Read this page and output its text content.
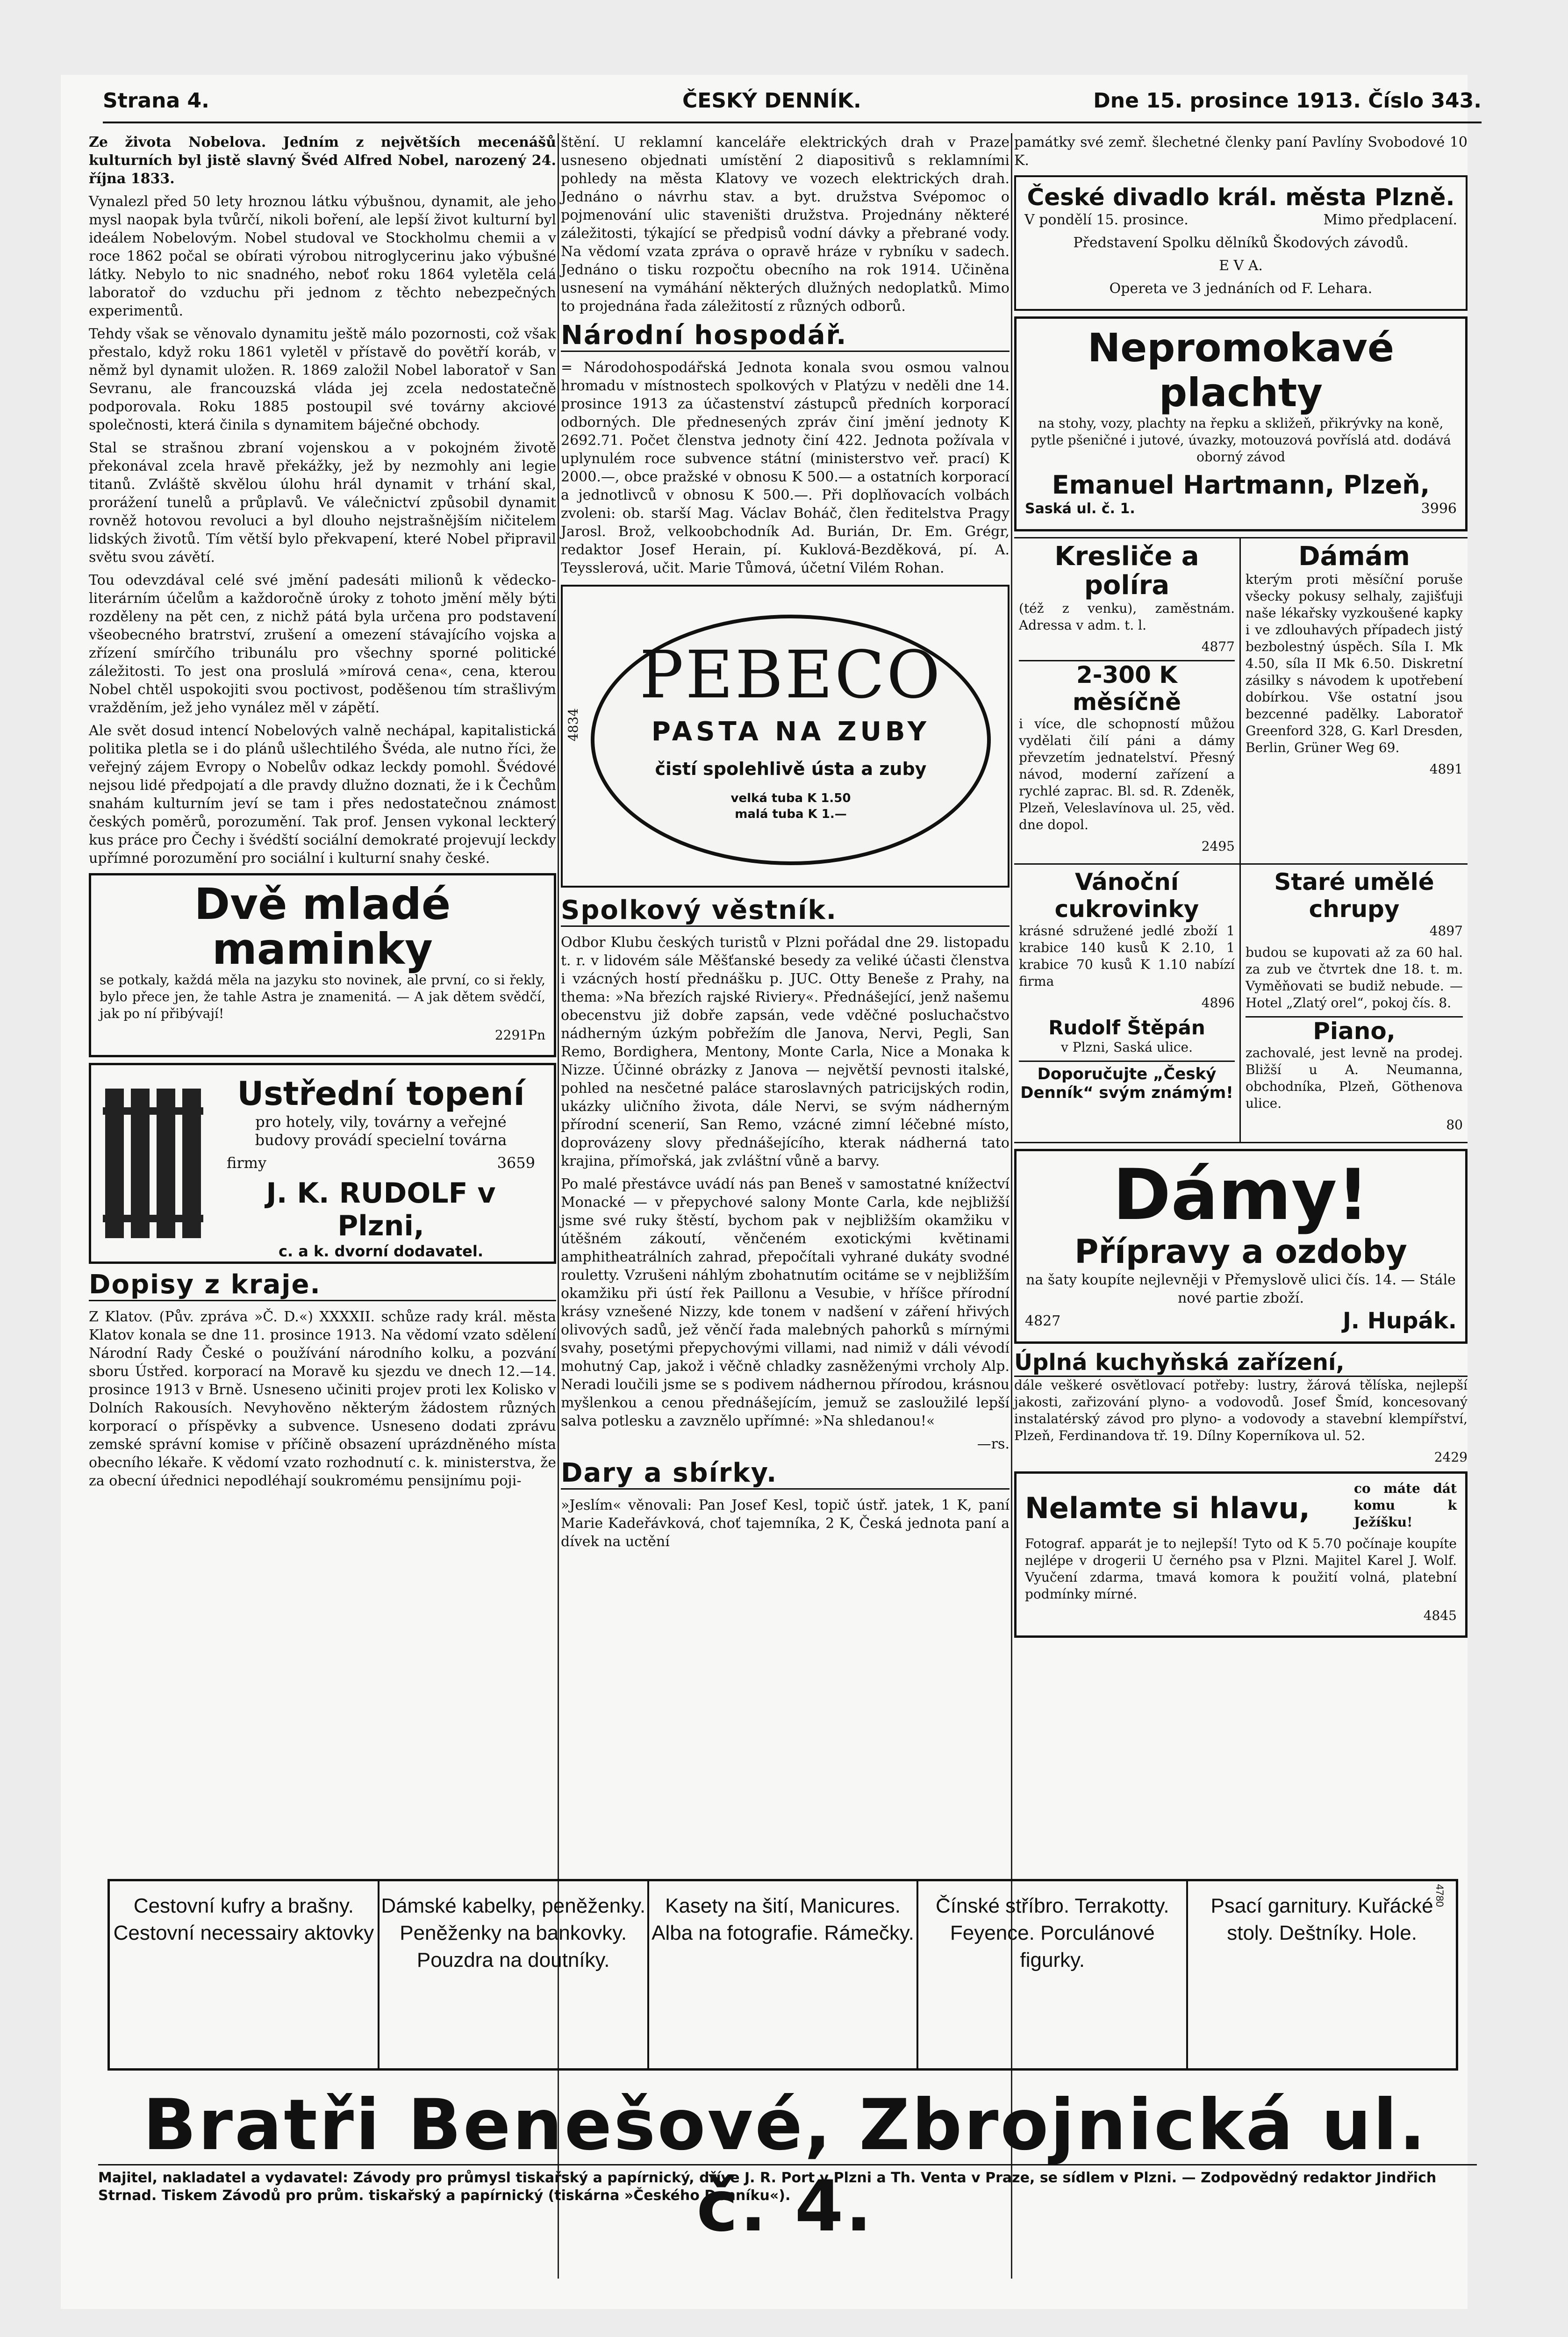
Strana 4.	ČESKÝ DENNÍK.	Dne 15. prosince 1913. Číslo 343.

Ze života Nobelova. Jedním z největších mecenášů kulturních byl jistě slavný Švéd Alfred Nobel, narozený 24. října 1833.

Vynalezl před 50 lety hroznou látku výbušnou, dynamit, ale jeho mysl naopak byla tvůrčí, nikoli boření, ale lepší život kulturní byl ideálem Nobelovým. Nobel studoval ve Stockholmu chemii a v roce 1862 počal se obírati výrobou nitroglycerinu jako výbušné látky. Nebylo to nic snadného, neboť roku 1864 vyletěla celá laboratoř do vzduchu při jednom z těchto nebezpečných experimentů.

Tehdy však se věnovalo dynamitu ještě málo pozornosti, což však přestalo, když roku 1861 vyletěl v přístavě do povětří koráb, v němž byl dynamit uložen. R. 1869 založil Nobel laboratoř v San Sevranu, ale francouzská vláda jej zcela nedostatečně podporovala. Roku 1885 postoupil své továrny akciové společnosti, která činila s dynamitem báječné obchody.

Stal se strašnou zbraní vojenskou a v pokojném životě překonával zcela hravě překážky, jež by nezmohly ani legie titanů. Zvláště skvělou úlohu hrál dynamit v trhání skal, prorážení tunelů a průplavů. Ve válečnictví způsobil dynamit rovněž hotovou revoluci a byl dlouho nejstrašnějším ničitelem lidských životů. Tím větší bylo překvapení, které Nobel připravil světu svou závětí.

Tou odevzdával celé své jmění padesáti milionů k vědecko-literárním účelům a každoročně úroky z tohoto jmění měly býti rozděleny na pět cen, z nichž pátá byla určena pro podstavení všeobecného bratrství, zrušení a omezení stávajícího vojska a zřízení smírčího tribunálu pro všechny sporné politické záležitosti. To jest ona proslulá »mírová cena«, cena, kterou Nobel chtěl uspokojiti svou poctivost, poděšenou tím strašlivým vražděním, jež jeho vynález měl v zápětí.

Ale svět dosud intencí Nobelových valně nechápal, kapitalistická politika pletla se i do plánů ušlechtilého Švéda, ale nutno říci, že veřejný zájem Evropy o Nobelův odkaz leckdy pomohl. Švédové nejsou lidé předpojatí a dle pravdy dlužno doznati, že i k Čechům snahám kulturním jeví se tam i přes nedostatečnou známost českých poměrů, porozumění. Tak prof. Jensen vykonal leckterý kus práce pro Čechy i švédští sociální demokraté projevují leckdy upřímné porozumění pro sociální i kulturní snahy české.

Dvě mladé maminky

se potkaly, každá měla na jazyku sto novinek, ale první, co si řekly, bylo přece jen, že tahle Astra je znamenitá. — A jak dětem svědčí, jak po ní přibývají!

2291Pn
Ustřední topení
pro hotely, vily, továrny a veřejné budovy provádí specielní továrna
firmy	3659
J. K. RUDOLF v Plzni,
c. a k. dvorní dodavatel.
Dopisy z kraje.

Z Klatov. (Pův. zpráva »Č. D.«) XXXXII. schůze rady král. města Klatov konala se dne 11. prosince 1913. Na vědomí vzato sdělení Národní Rady České o používání národního kolku, a pozvání sboru Ústřed. korporací na Moravě ku sjezdu ve dnech 12.—14. prosince 1913 v Brně. Usneseno učiniti projev proti lex Kolisko v Dolních Rakousích. Nevyhověno některým žádostem různých korporací o příspěvky a subvence. Usneseno dodati zprávu zemské správní komise v příčině obsazení uprázdněného místa obecního lékaře. K vědomí vzato rozhodnutí c. k. ministerstva, že za obecní úřednici nepodléhají soukromému pensijnímu poji-

štění. U reklamní kanceláře elektrických drah v Praze usneseno objednati umístění 2 diapositivů s reklamními pohledy na města Klatovy ve vozech elektrických drah. Jednáno o návrhu stav. a byt. družstva Svépomoc o pojmenování ulic staveništi družstva. Projednány některé záležitosti, týkající se předpisů vodní dávky a přebrané vody. Na vědomí vzata zpráva o opravě hráze v rybníku v sadech. Jednáno o tisku rozpočtu obecního na rok 1914. Učiněna usnesení na vymáhání některých dlužných nedoplatků. Mimo to projednána řada záležitostí z různých odborů.

Národní hospodář.

= Národohospodářská Jednota konala svou osmou valnou hromadu v místnostech spolkových v Platýzu v neděli dne 14. prosince 1913 za účastenství zástupců předních korporací odborných. Dle přednesených zpráv činí jmění jednoty K 2692.71. Počet členstva jednoty činí 422. Jednota požívala v uplynulém roce subvence státní (ministerstvo veř. prací) K 2000.—, obce pražské v obnosu K 500.— a ostatních korporací a jednotlivců v obnosu K 500.—. Při doplňovacích volbách zvoleni: ob. starší Mag. Václav Boháč, člen ředitelstva Pragy Jarosl. Brož, velkoobchodník Ad. Burián, Dr. Em. Grégr, redaktor Josef Herain, pí. Kuklová-Bezděková, pí. A. Teysslerová, učit. Marie Tůmová, účetní Vilém Rohan.

4834
PEBECO
PASTA NA ZUBY
čistí spolehlivě ústa a zuby
velká tuba K 1.50
malá tuba K 1.—
Spolkový věstník.

Odbor Klubu českých turistů v Plzni pořádal dne 29. listopadu t. r. v lidovém sále Měšťanské besedy za veliké účasti členstva i vzácných hostí přednášku p. JUC. Otty Beneše z Prahy, na thema: »Na březích rajské Riviery«. Přednášející, jenž našemu obecenstvu již dobře zapsán, vede vděčné posluchačstvo nádherným úzkým pobřežím dle Janova, Nervi, Pegli, San Remo, Bordighera, Mentony, Monte Carla, Nice a Monaka k Nizze. Účinné obrázky z Janova — největší pevnosti italské, pohled na nesčetné paláce staroslavných patricijských rodin, ukázky uličního života, dále Nervi, se svým nádherným přírodní scenerií, San Remo, vzácné zimní léčebné místo, doprovázeny slovy přednášejícího, kterak nádherná tato krajina, přímořská, jak zvláštní vůně a barvy.

Po malé přestávce uvádí nás pan Beneš v samostatné knížectví Monacké — v přepychové salony Monte Carla, kde nejbližší jsme své ruky štěstí, bychom pak v nejbližším okamžiku v útěšném zákoutí, věnčeném exotickými květinami amphitheatrálních zahrad, přepočítali vyhrané dukáty svodné rouletty. Vzrušeni náhlým zbohatnutím ocitáme se v nejbližším okamžiku při ústí řek Paillonu a Vesubie, v hříšce přírodní krásy vznešené Nizzy, kde tonem v nadšení v záření hřivých olivových sadů, jež věnčí řada malebných pahorků s mírnými svahy, posetými přepychovými villami, nad nimiž v dáli vévodí mohutný Cap, jakož i věčně chladky zasněženými vrcholy Alp. Neradi loučili jsme se s podivem nádhernou přírodou, krásnou myšlenkou a cenou přednášejícím, jemuž se zasloužilé lepší salva potlesku a zavznělo upřímné: »Na shledanou!«

—rs.
Dary a sbírky.

»Jeslím« věnovali: Pan Josef Kesl, topič ústř. jatek, 1 K, paní Marie Kadeřávková, choť tajemníka, 2 K, Česká jednota paní a dívek na uctění

památky své zemř. šlechetné členky paní Pavlíny Svobodové 10 K.

České divadlo král. města Plzně.
V pondělí 15. prosince.	Mimo předplacení.
Představení Spolku dělníků Škodových závodů.
E V A.
Opereta ve 3 jednáních od F. Lehara.
Nepromokavé plachty

na stohy, vozy, plachty na řepku a skližeň, přikrývky na koně, pytle pšeničné i jutové, úvazky, motouzová povříslá atd. dodává oborný závod

Emanuel Hartmann, Plzeň,
Saská ul. č. 1.	3996
Kresliče a políra

(též z venku), zaměstnám. Adressa v adm. t. l.

4877
2-300 K měsíčně

i více, dle schopností můžou vydělati čilí páni a dámy převzetím jednatelství. Přesný návod, moderní zařízení a rychlé zaprac. Bl. sd. R. Zdeněk, Plzeň, Veleslavínova ul. 25, věd. dne dopol.

2495
Dámám

kterým proti měsíční poruše všecky pokusy selhaly, zajišťuji naše lékařsky vyzkoušené kapky i ve zdlouhavých případech jistý bezbolestný úspěch. Síla I. Mk 4.50, síla II Mk 6.50. Diskretní zásilky s návodem k upotřebení dobírkou. Vše ostatní jsou bezcenné padělky. Laboratoř Greenford 328, G. Karl Dresden, Berlin, Grüner Weg 69.

4891
Vánoční cukrovinky

krásné sdružené jedlé zboží 1 krabice 140 kusů K 2.10, 1 krabice 70 kusů K 1.10 nabízí firma

4896
Rudolf Štěpán
v Plzni, Saská ulice.
Doporučujte „Český Denník“ svým známým!
Staré umělé chrupy
4897

budou se kupovati až za 60 hal. za zub ve čtvrtek dne 18. t. m. Vyměňovati se budiž nebude. — Hotel „Zlatý orel“, pokoj čís. 8.

Piano,

zachovalé, jest levně na prodej. Bližší u A. Neumanna, obchodníka, Plzeň, Göthenova ulice.

80
Dámy!
Přípravy a ozdoby

na šaty koupíte nejlevněji v Přemyslově ulici čís. 14. — Stále nové partie zboží.

4827	J. Hupák.
Úplná kuchyňská zařízení,

dále veškeré osvětlovací potřeby: lustry, žárová tělíska, nejlepší jakosti, zařizování plyno- a vodovodů. Josef Šmíd, koncesovaný instalatérský závod pro plyno- a vodovody a stavební klempířství, Plzeň, Ferdinandova tř. 19. Dílny Koperníkova ul. 52.

2429
Nelamte si hlavu,
co máte dát komu k Ježíšku!

Fotograf. apparát je to nejlepší! Tyto od K 5.70 počínaje koupíte nejlépe v drogerii U černého psa v Plzni. Majitel Karel J. Wolf. Vyučení zdarma, tmavá komora k použití volná, platební podmínky mírné.

4845
Cestovní kufry a brašny. Cestovní necessairy aktovky
Dámské kabelky, peněženky. Peněženky na bankovky. Pouzdra na doutníky.
Kasety na šití, Manicures. Alba na fotografie. Rámečky.
Čínské stříbro. Terrakotty. Feyence. Porculánové figurky.
Psací garnitury. Kuřácké stoly. Deštníky. Hole.
4780
Bratři Benešové, Zbrojnická ul. č. 4.
Majitel, nakladatel a vydavatel: Závody pro průmysl tiskařský a papírnický, dříve J. R. Port v Plzni a Th. Venta v Praze, se sídlem v Plzni. — Zodpovědný redaktor Jindřich Strnad. Tiskem Závodů pro prům. tiskařský a papírnický (tiskárna »Českého Denníku«).
